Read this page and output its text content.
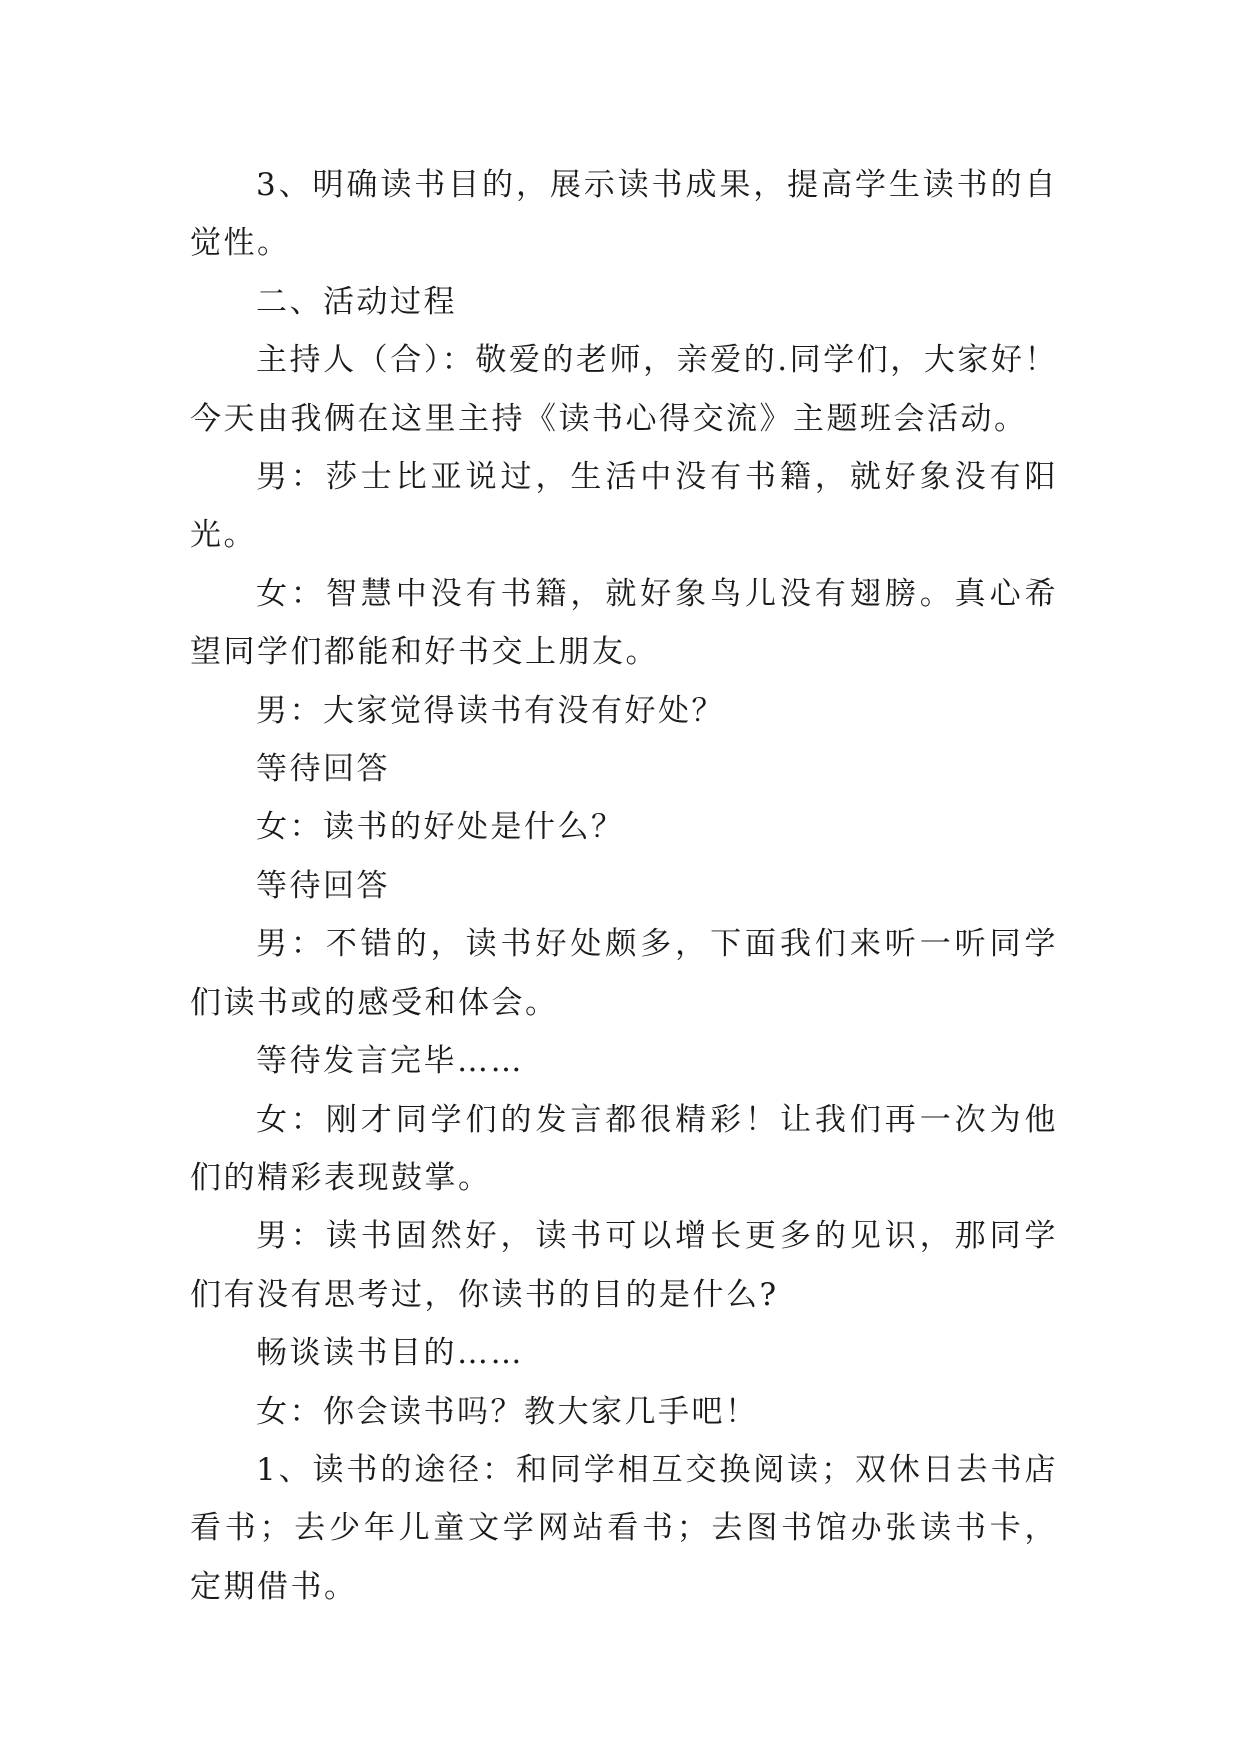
3、明确读书目的，展示读书成果，提高学生读书的自觉性。

二、活动过程

主持人（合）：敬爱的老师，亲爱的.同学们，大家好！今天由我俩在这里主持《读书心得交流》主题班会活动。

男：莎士比亚说过，生活中没有书籍，就好象没有阳光。

女：智慧中没有书籍，就好象鸟儿没有翅膀。真心希望同学们都能和好书交上朋友。

男：大家觉得读书有没有好处？

等待回答

女：读书的好处是什么？

等待回答

男：不错的，读书好处颇多，下面我们来听一听同学们读书或的感受和体会。

等待发言完毕……

女：刚才同学们的发言都很精彩！让我们再一次为他们的精彩表现鼓掌。

男：读书固然好，读书可以增长更多的见识，那同学们有没有思考过，你读书的目的是什么?

畅谈读书目的……

女：你会读书吗？教大家几手吧！

1、读书的途径：和同学相互交换阅读；双休日去书店看书；去少年儿童文学网站看书；去图书馆办张读书卡，定期借书。
